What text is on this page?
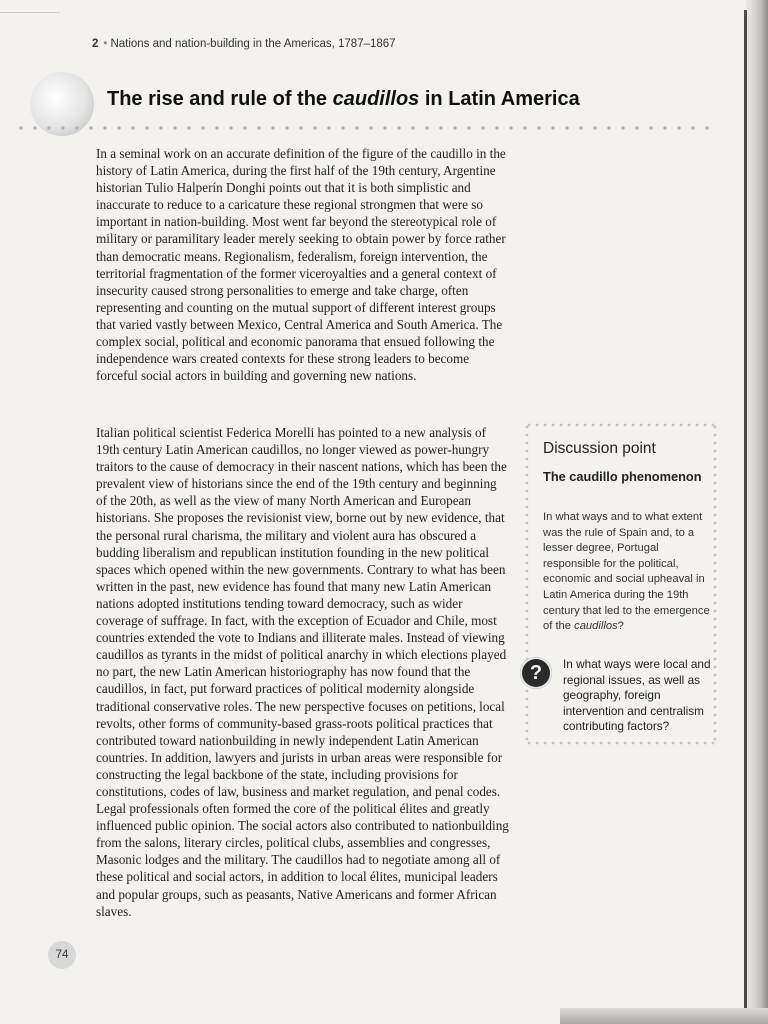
2 • Nations and nation-building in the Americas, 1787–1867
The rise and rule of the caudillos in Latin America

In a seminal work on an accurate definition of the figure of the caudillo in the history of Latin America, during the first half of the 19th century, Argentine historian Tulio Halperín Donghi points out that it is both simplistic and inaccurate to reduce to a caricature these regional strongmen that were so important in nation-building. Most went far beyond the stereotypical role of military or paramilitary leader merely seeking to obtain power by force rather than democratic means. Regionalism, federalism, foreign intervention, the territorial fragmentation of the former viceroyalties and a general context of insecurity caused strong personalities to emerge and take charge, often representing and counting on the mutual support of different interest groups that varied vastly between Mexico, Central America and South America. The complex social, political and economic panorama that ensued following the independence wars created contexts for these strong leaders to become forceful social actors in building and governing new nations.

Italian political scientist Federica Morelli has pointed to a new analysis of 19th century Latin American caudillos, no longer viewed as power-hungry traitors to the cause of democracy in their nascent nations, which has been the prevalent view of historians since the end of the 19th century and beginning of the 20th, as well as the view of many North American and European historians. She proposes the revisionist view, borne out by new evidence, that the personal rural charisma, the military and violent aura has obscured a budding liberalism and republican institution founding in the new political spaces which opened within the new governments. Contrary to what has been written in the past, new evidence has found that many new Latin American nations adopted institutions tending toward democracy, such as wider coverage of suffrage. In fact, with the exception of Ecuador and Chile, most countries extended the vote to Indians and illiterate males. Instead of viewing caudillos as tyrants in the midst of political anarchy in which elections played no part, the new Latin American historiography has now found that the caudillos, in fact, put forward practices of political modernity alongside traditional conservative roles. The new perspective focuses on petitions, local revolts, other forms of community-based grass-roots political practices that contributed toward nationbuilding in newly independent Latin American countries. In addition, lawyers and jurists in urban areas were responsible for constructing the legal backbone of the state, including provisions for constitutions, codes of law, business and market regulation, and penal codes. Legal professionals often formed the core of the political élites and greatly influenced public opinion. The social actors also contributed to nationbuilding from the salons, literary circles, political clubs, assemblies and congresses, Masonic lodges and the military. The caudillos had to negotiate among all of these political and social actors, in addition to local élites, municipal leaders and popular groups, such as peasants, Native Americans and former African slaves.

Discussion point
The caudillo phenomenon
In what ways and to what extent was the rule of Spain and, to a lesser degree, Portugal responsible for the political, economic and social upheaval in Latin America during the 19th century that led to the emergence of the caudillos?
? In what ways were local and regional issues, as well as geography, foreign intervention and centralism contributing factors?
74
